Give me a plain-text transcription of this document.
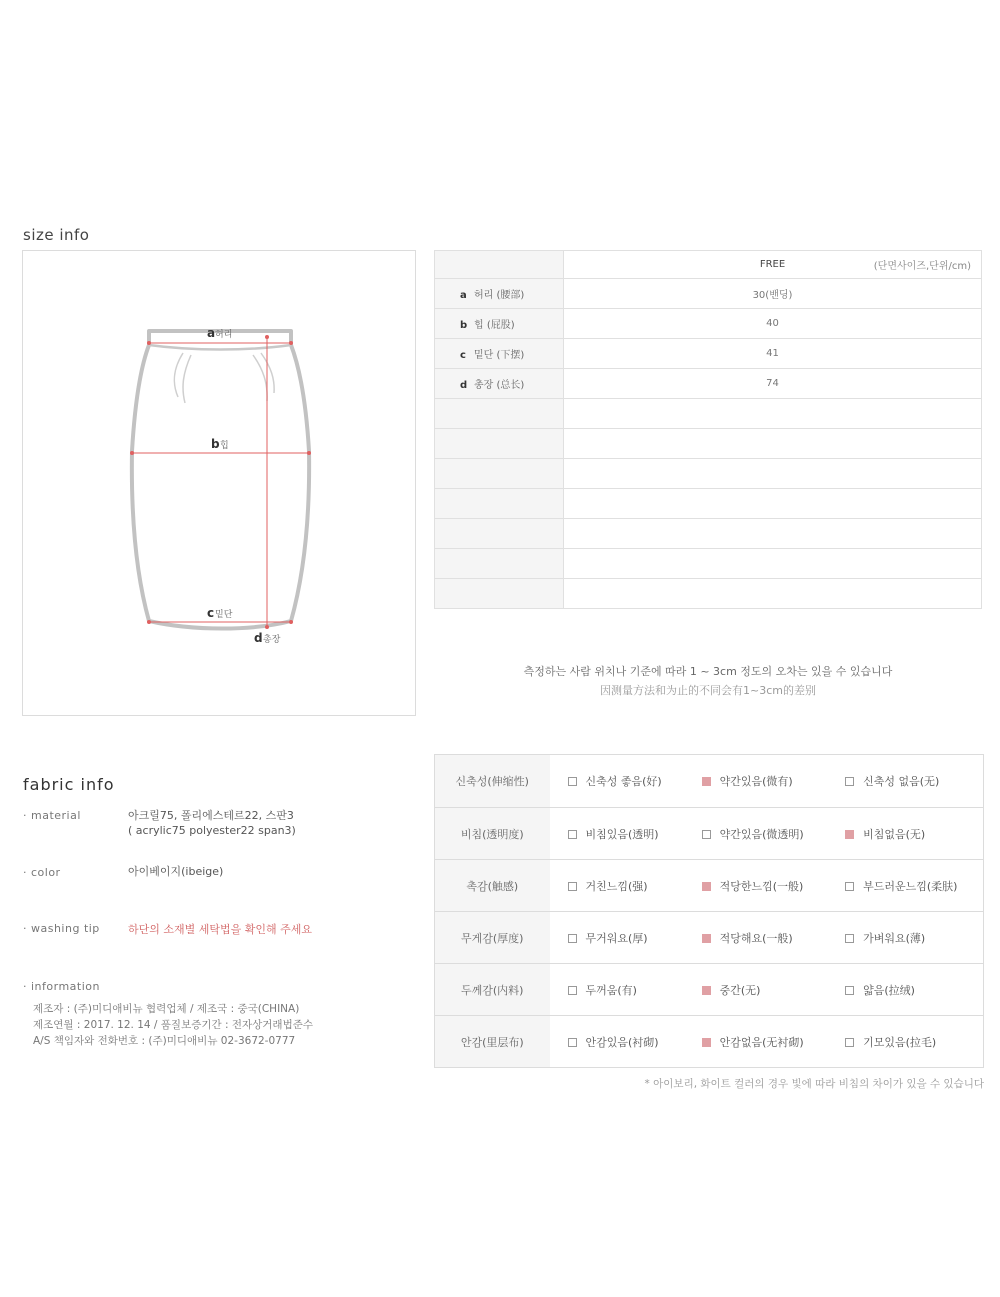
size info
a 허리
b 힙
c 밑단
d 총장
	FREE (단면사이즈,단위/cm)

a 허리 (腰部)	30(밴딩)
b 힙 (屁股)	40
c 밑단 (下摆)	41
d 총장 (总长)	74

측정하는 사람 위치나 기준에 따라 1 ~ 3cm 정도의 오차는 있을 수 있습니다
因测量方法和为止的不同会有1~3cm的差别
fabric info
· material	아크릴75, 폴리에스테르22, 스판3
( acrylic75 polyester22 span3)
· color	아이베이지(ibeige)
· washing tip	하단의 소재별 세탁법을 확인해 주세요
· information
제조자 : (주)미디애비뉴 협력업체 / 제조국 : 중국(CHINA)
제조연월 : 2017. 12. 14 / 품질보증기간 : 전자상거래법준수
A/S 책임자와 전화번호 : (주)미디애비뉴 02-3672-0777
신축성(伸缩性)	신축성 좋음(好)	약간있음(微有)	신축성 없음(无)
비침(透明度)	비침있음(透明)	약간있음(微透明)	비침없음(无)
촉감(触感)	거친느낌(强)	적당한느낌(一般)	부드러운느낌(柔肤)
무게감(厚度)	무거워요(厚)	적당해요(一般)	가벼워요(薄)
두께감(内料)	두꺼움(有)	중간(无)	얇음(拉绒)
안감(里层布)	안감있음(衬砌)	안감없음(无衬砌)	기모있음(拉毛)
* 아이보리, 화이트 컬러의 경우 빛에 따라 비침의 차이가 있을 수 있습니다
